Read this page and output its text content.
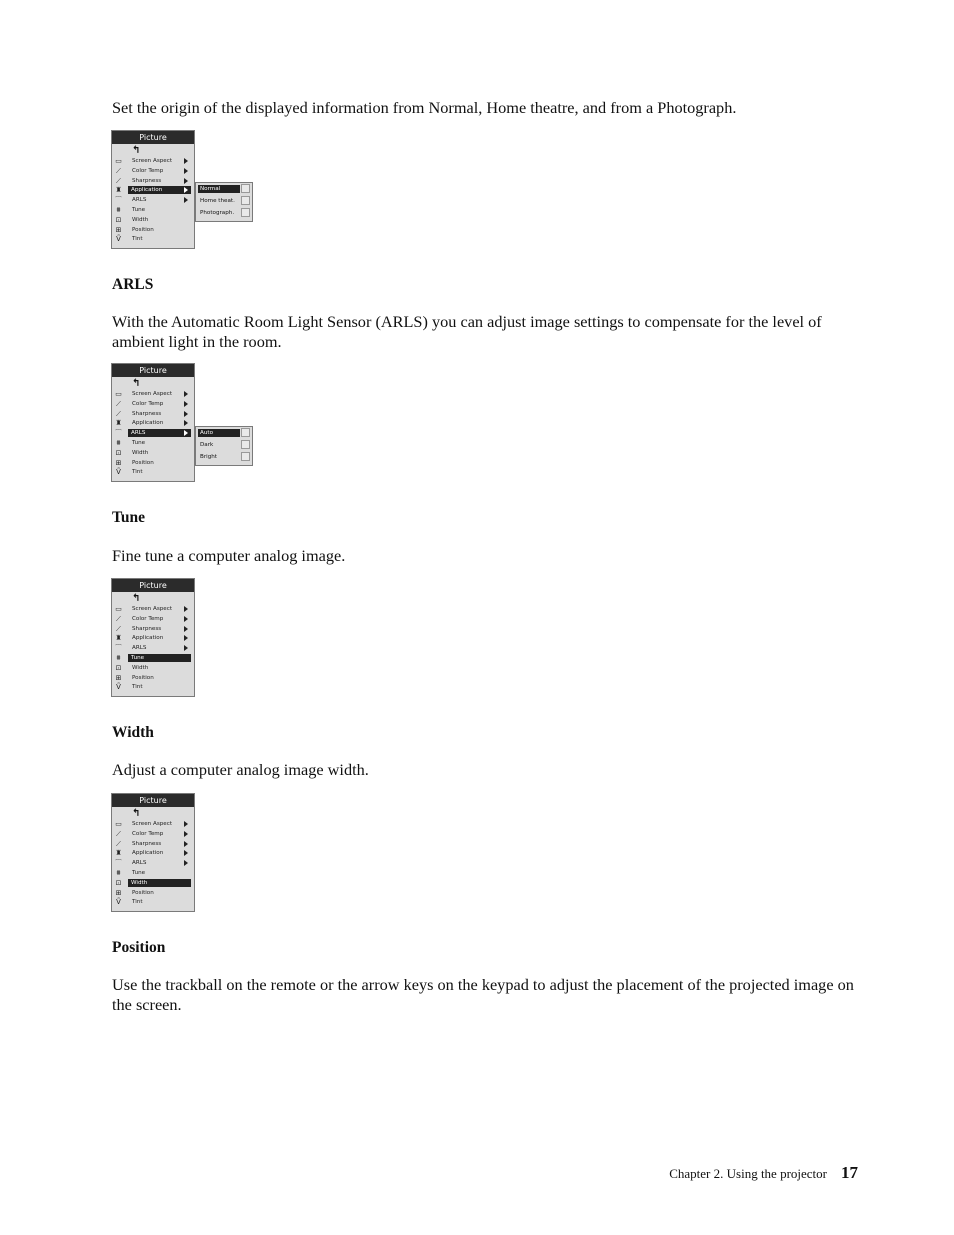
Set the origin of the displayed information from Normal, Home theatre, and from a Photograph.

Picture
↰
▭	Screen Aspect
⟋	Color Temp
⟋	Sharpness
♜	Application
⌒	ARLS
⩩	Tune
⊡	Width
⊞	Position
Ṽ	Tint
Normal
Home theat.
Photograph.
ARLS

With the Automatic Room Light Sensor (ARLS) you can adjust image settings to compensate for the level of ambient light in the room.

Picture
↰
▭	Screen Aspect
⟋	Color Temp
⟋	Sharpness
♜	Application
⌒	ARLS
⩩	Tune
⊡	Width
⊞	Position
Ṽ	Tint
Auto
Dark
Bright
Tune

Fine tune a computer analog image.

Picture
↰
▭	Screen Aspect
⟋	Color Temp
⟋	Sharpness
♜	Application
⌒	ARLS
⩩	Tune
⊡	Width
⊞	Position
Ṽ	Tint
Width

Adjust a computer analog image width.

Picture
↰
▭	Screen Aspect
⟋	Color Temp
⟋	Sharpness
♜	Application
⌒	ARLS
⩩	Tune
⊡	Width
⊞	Position
Ṽ	Tint
Position

Use the trackball on the remote or the arrow keys on the keypad to adjust the placement of the projected image on the screen.

Chapter 2. Using the projector 17
